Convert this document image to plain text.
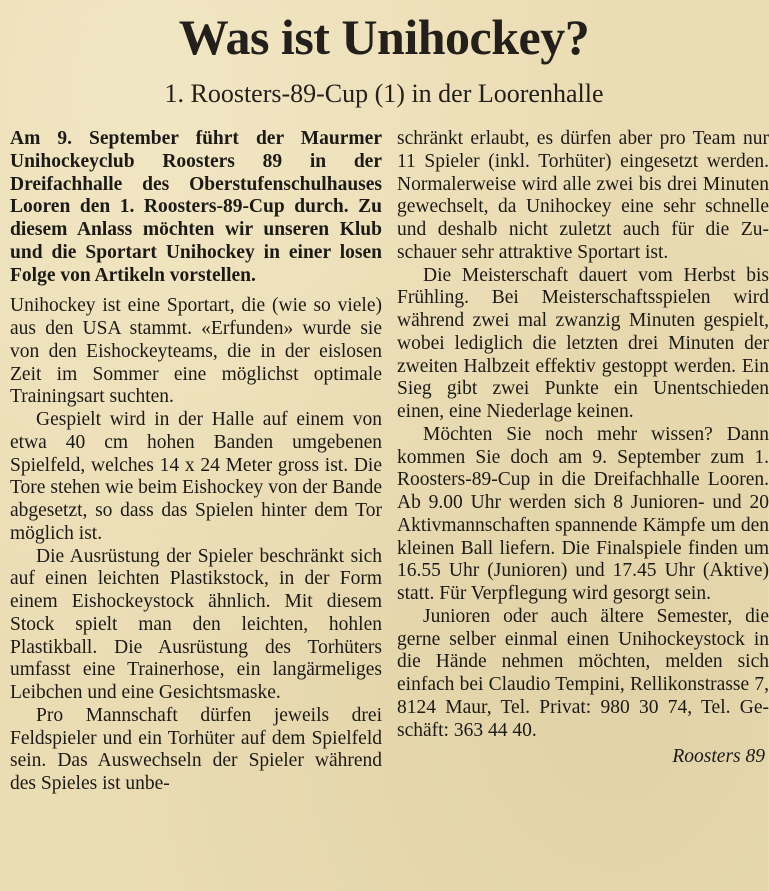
Was ist Unihockey?
1. Roosters-89-Cup (1) in der Loorenhalle

Am 9. September führt der Maurmer Unihockeyclub Roosters 89 in der Dreifachhalle des Oberstufenschulhauses Looren den 1. Roosters-89-Cup durch. Zu diesem Anlass möchten wir unseren Klub und die Sportart Unihockey in einer losen Folge von Artikeln vorstellen.

Unihockey ist eine Sportart, die (wie so viele) aus den USA stammt. «Erfunden» wurde sie von den Eishockeyteams, die in der eislosen Zeit im Sommer eine möglichst optimale Trainingsart suchten.

Gespielt wird in der Halle auf einem von etwa 40 cm hohen Banden umgebenen Spielfeld, welches 14 x 24 Meter gross ist. Die Tore stehen wie beim Eishockey von der Bande abgesetzt, so dass das Spielen hinter dem Tor möglich ist.

Die Ausrüstung der Spieler beschränkt sich auf einen leichten Plastikstock, in der Form einem Eishockeystock ähnlich. Mit diesem Stock spielt man den leichten, hohlen Plastikball. Die Ausrüstung des Torhüters umfasst eine Trainerhose, ein langärmeliges Leibchen und eine Gesichtsmaske.

Pro Mannschaft dürfen jeweils drei Feldspieler und ein Torhüter auf dem Spielfeld sein. Das Auswechseln der Spieler während des Spieles ist unbe-

schränkt erlaubt, es dürfen aber pro Team nur 11 Spieler (inkl. Torhüter) eingesetzt werden. Normalerweise wird alle zwei bis drei Minuten gewechselt, da Unihockey eine sehr schnelle und deshalb nicht zuletzt auch für die Zuschauer sehr attraktive Sportart ist.

Die Meisterschaft dauert vom Herbst bis Frühling. Bei Meisterschaftsspielen wird während zwei mal zwanzig Minuten gespielt, wobei lediglich die letzten drei Minuten der zweiten Halbzeit effektiv gestoppt werden. Ein Sieg gibt zwei Punkte ein Unentschieden einen, eine Niederlage keinen.

Möchten Sie noch mehr wissen? Dann kommen Sie doch am 9. September zum 1. Roosters-89-Cup in die Dreifachhalle Looren. Ab 9.00 Uhr werden sich 8 Junioren- und 20 Aktivmannschaften spannende Kämpfe um den kleinen Ball liefern. Die Finalspiele finden um 16.55 Uhr (Junioren) und 17.45 Uhr (Aktive) statt. Für Verpflegung wird gesorgt sein.

Junioren oder auch ältere Semester, die gerne selber einmal einen Unihockeystock in die Hände nehmen möchten, melden sich einfach bei Claudio Tempini, Rellikonstrasse 7, 8124 Maur, Tel. Privat: 980 30 74, Tel. Geschäft: 363 44 40.

Roosters 89
